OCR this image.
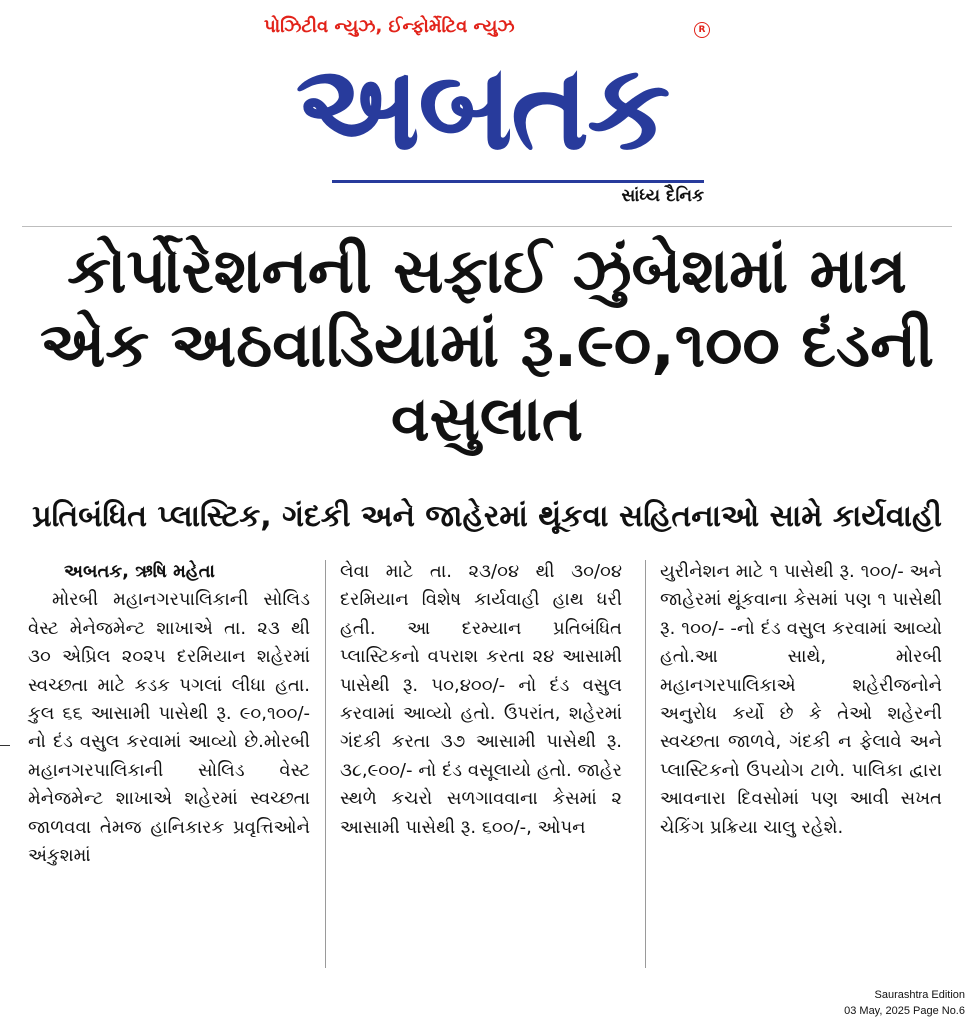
પોઝિટીવ ન્યુઝ, ઈન્ફોર્મેટિવ ન્યુઝ	R
અબતક
સાંધ્ય દૈનિક
કોર્પોરેશનની સફાઈ ઝુંબેશમાં માત્ર એક અઠવાડિયામાં રૂ.૯૦,૧૦૦ દંડની વસુલાત
પ્રતિબંધિત પ્લાસ્ટિક, ગંદકી અને જાહેરમાં થૂંકવા સહિતનાઓ સામે કાર્યવાહી
અબતક, ઋષિ મહેતા

મોરબી મહાનગરપાલિકાની સોલિડ વેસ્ટ મેનેજમેન્ટ શાખાએ તા. ૨૩ થી ૩૦ એપ્રિલ ૨૦૨૫ દરમિયાન શહેરમાં સ્વચ્છતા માટે કડક પગલાં લીધા હતા. કુલ ૬૬ આસામી પાસેથી રૂ. ૯૦,૧૦૦/- નો દંડ વસુલ કરવામાં આવ્યો છે.મોરબી મહાનગરપાલિકાની સોલિડ વેસ્ટ મેનેજમેન્ટ શાખાએ શહેરમાં સ્વચ્છતા જાળવવા તેમજ હાનિકારક પ્રવૃત્તિઓને અંકુશમાં

લેવા માટે તા. ૨૩/૦૪ થી ૩૦/૦૪ દરમિયાન વિશેષ કાર્યવાહી હાથ ધરી હતી. આ દરમ્યાન પ્રતિબંધિત પ્લાસ્ટિકનો વપરાશ કરતા ૨૪ આસામી પાસેથી રૂ. ૫૦,૪૦૦/- નો દંડ વસુલ કરવામાં આવ્યો હતો. ઉપરાંત, શહેરમાં ગંદકી કરતા ૩૭ આસામી પાસેથી રૂ. ૩૮,૯૦૦/- નો દંડ વસૂલાયો હતો. જાહેર સ્થળે કચરો સળગાવવાના કેસમાં ૨ આસામી પાસેથી રૂ. ૬૦૦/-, ઓપન

યુરીનેશન માટે ૧ પાસેથી રૂ. ૧૦૦/- અને જાહેરમાં થૂંકવાના કેસમાં પણ ૧ પાસેથી રૂ. ૧૦૦/- -નો દંડ વસુલ કરવામાં આવ્યો હતો.આ સાથે, મોરબી મહાનગરપાલિકાએ શહેરીજનોને અનુરોધ કર્યો છે કે તેઓ શહેરની સ્વચ્છતા જાળવે, ગંદકી ન ફેલાવે અને પ્લાસ્ટિકનો ઉપયોગ ટાળે. પાલિકા દ્વારા આવનારા દિવસોમાં પણ આવી સખત ચેકિંગ પ્રક્રિયા ચાલુ રહેશે.

Saurashtra Edition
03 May, 2025 Page No.6
